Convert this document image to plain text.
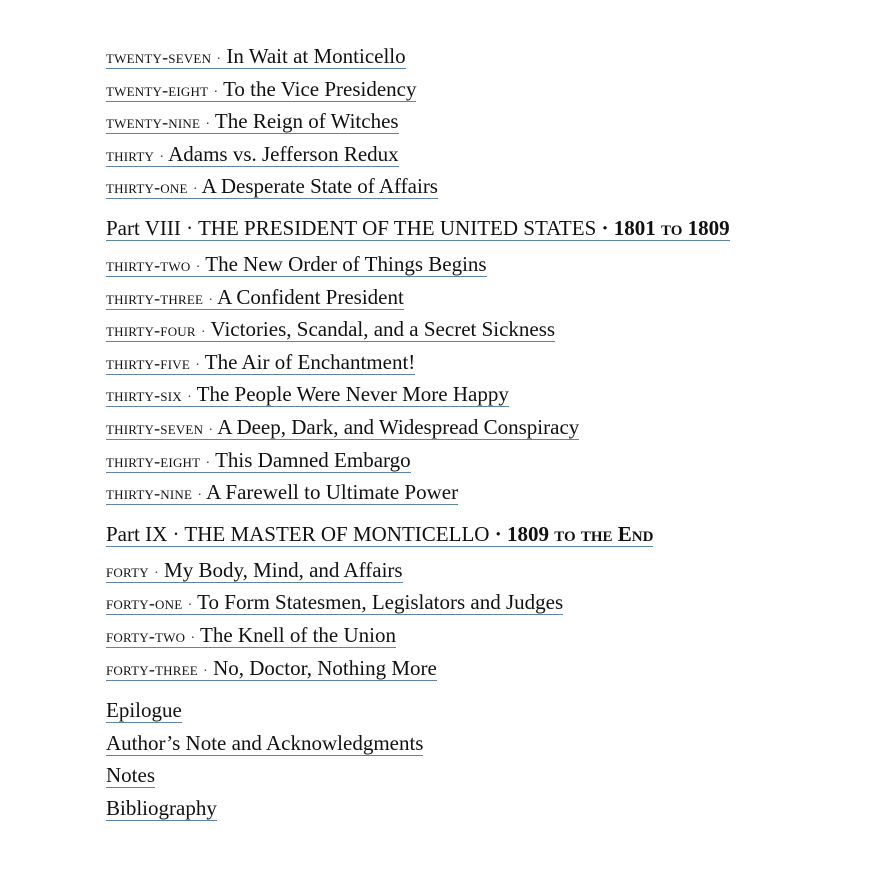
twenty-seven · In Wait at Monticello
twenty-eight · To the Vice Presidency
twenty-nine · The Reign of Witches
thirty · Adams vs. Jefferson Redux
thirty-one · A Desperate State of Affairs
Part VIII · THE PRESIDENT OF THE UNITED STATES · 1801 to 1809
thirty-two · The New Order of Things Begins
thirty-three · A Confident President
thirty-four · Victories, Scandal, and a Secret Sickness
thirty-five · The Air of Enchantment!
thirty-six · The People Were Never More Happy
thirty-seven · A Deep, Dark, and Widespread Conspiracy
thirty-eight · This Damned Embargo
thirty-nine · A Farewell to Ultimate Power
Part IX · THE MASTER OF MONTICELLO · 1809 to the End
forty · My Body, Mind, and Affairs
forty-one · To Form Statesmen, Legislators and Judges
forty-two · The Knell of the Union
forty-three · No, Doctor, Nothing More
Epilogue
Author’s Note and Acknowledgments
Notes
Bibliography
